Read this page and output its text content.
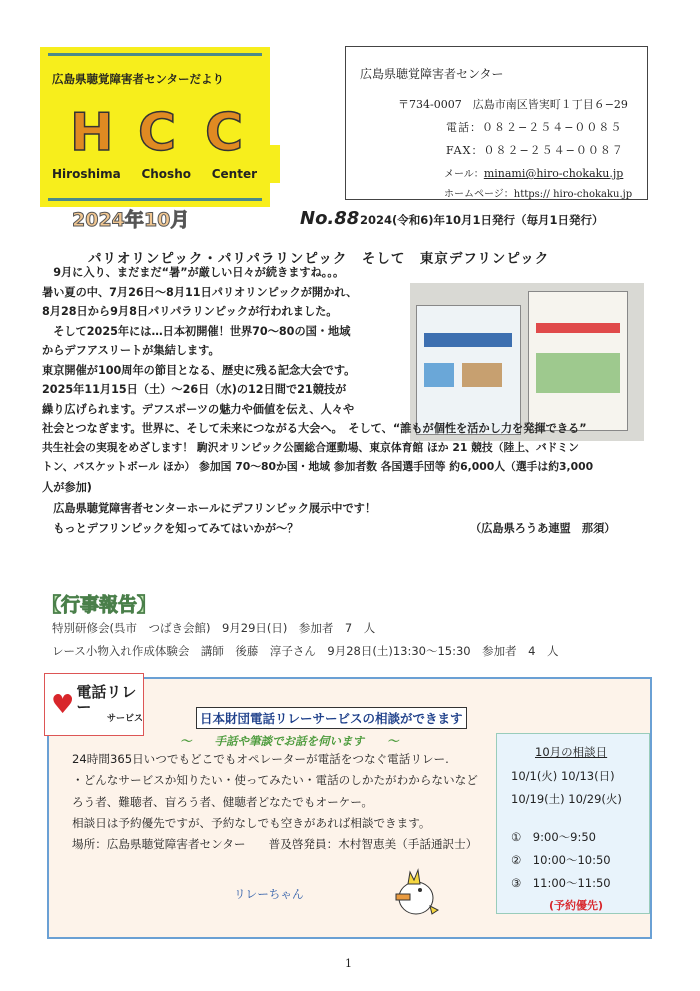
広島県聴覚障害者センターだより
H C C
Hiroshima Chosho Center
広島県聴覚障害者センター
〒734-0007　広島市南区皆実町１丁目６−29
電話：０８２−２５４−００８５
FAX：０８２−２５４−００８７
メール：minami@hiro-chokaku.jp
ホームページ：https:// hiro-chokaku.jp
2024年10月	No.88 2024(令和6)年10月1日発行（毎月1日発行）
パリオリンピック・パリパラリンピック　そして　東京デフリンピック
　9月に入り、まだまだ“暑”が厳しい日々が続きますね。。。
暑い夏の中、7月26日〜8月11日パリオリンピックが開かれ、
8月28日から9月8日パリパラリンピックが行われました。
　そして2025年には…日本初開催！世界70〜80の国・地域
からデフアスリートが集結します。
東京開催が100周年の節目となる、歴史に残る記念大会です。
2025年11月15日（土）〜26日（水)の12日間で21競技が
繰り広げられます。デフスポーツの魅力や価値を伝え、人々や
社会とつなぎます。世界に、そして未来につながる大会へ。　そして、“誰もが個性を活かし力を発揮できる”
共生社会の実現をめざします！ 駒沢オリンピック公園総合運動場、東京体育館 ほか 21 競技（陸上、バドミン
トン、バスケットボール ほか） 参加国 70〜80か国・地域 参加者数 各国選手団等 約6,000人（選手は約3,000
人が参加)
　広島県聴覚障害者センターホールにデフリンピック展示中です！
　もっとデフリンピックを知ってみてはいかが〜？	（広島県ろうあ連盟　那須）
【行事報告】
特別研修会(呉市　つばき会館)　9月29日(日)　参加者　7　人
レース小物入れ作成体験会　講師　後藤　淳子さん　9月28日(土)13:30〜15:30　参加者　4　人
♥ 電話リレー
サービス	日本財団電話リレーサービスの相談ができます
〜　　手話や筆談でお話を伺います　　〜
24時間365日いつでもどこでもオペレーターが電話をつなぐ電話リレー.
・どんなサービスか知りたい・使ってみたい・電話のしかたがわからないなど
ろう者、難聴者、盲ろう者、健聴者どなたでもオーケー。
相談日は予約優先ですが、予約なしでも空きがあれば相談できます。
場所：広島県聴覚障害者センター　　普及啓発員：木村智恵美（手話通訳士）
リレーちゃん
10月の相談日
10/1(火) 10/13(日)
10/19(土) 10/29(火)
①　9:00〜9:50
②　10:00〜10:50
③　11:00〜11:50
(予約優先)
1
